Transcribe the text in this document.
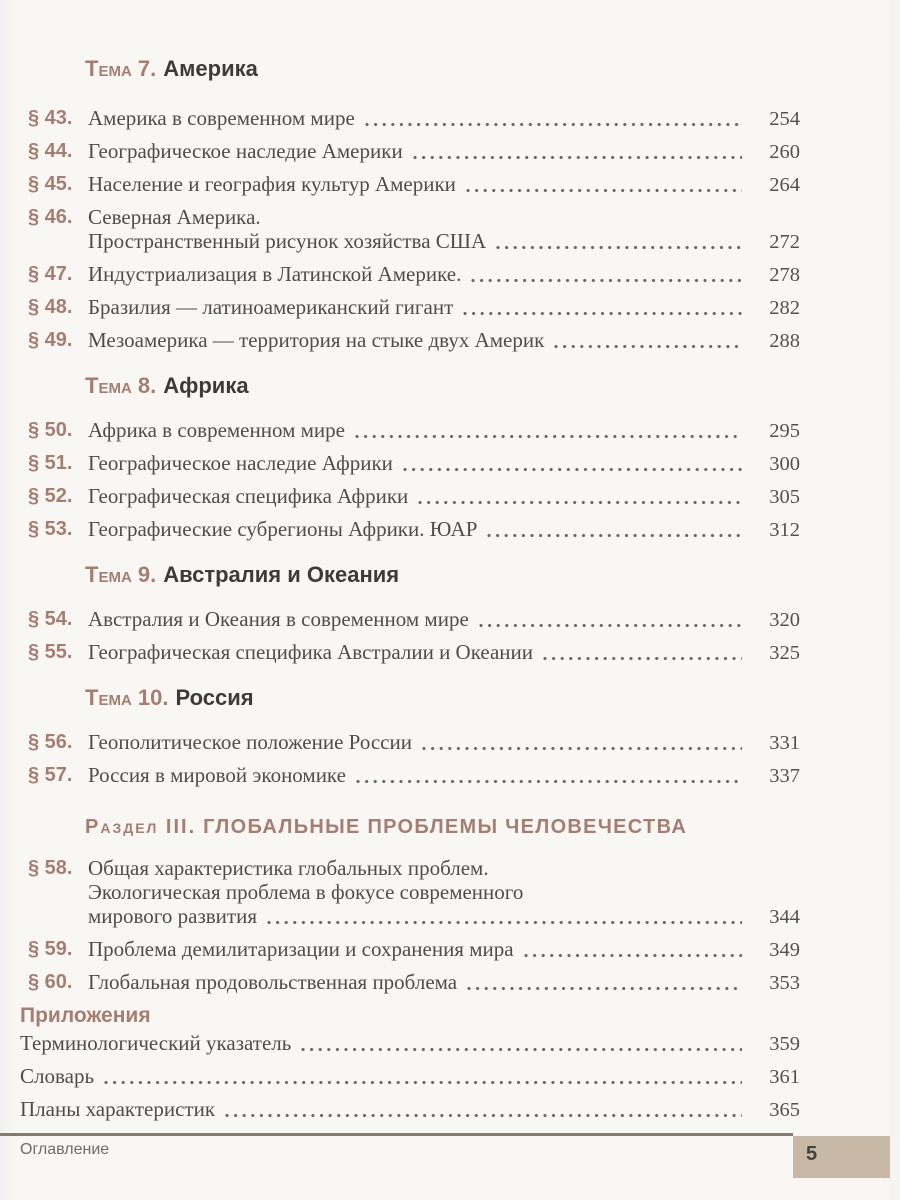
Тема 7. Америка
§ 43. Америка в современном мире	254
§ 44. Географическое наследие Америки	260
§ 45. Население и география культур Америки	264
§ 46. Северная Америка.
Пространственный рисунок хозяйства США	272
§ 47. Индустриализация в Латинской Америке.	278
§ 48. Бразилия — латиноамериканский гигант	282
§ 49. Мезоамерика — территория на стыке двух Америк	288
Тема 8. Африка
§ 50. Африка в современном мире	295
§ 51. Географическое наследие Африки	300
§ 52. Географическая специфика Африки	305
§ 53. Географические субрегионы Африки. ЮАР	312
Тема 9. Австралия и Океания
§ 54. Австралия и Океания в современном мире	320
§ 55. Географическая специфика Австралии и Океании	325
Тема 10. Россия
§ 56. Геополитическое положение России	331
§ 57. Россия в мировой экономике	337
Раздел III. ГЛОБАЛЬНЫЕ ПРОБЛЕМЫ ЧЕЛОВЕЧЕСТВА
§ 58. Общая характеристика глобальных проблем.
Экологическая проблема в фокусе современного
мирового развития	344
§ 59. Проблема демилитаризации и сохранения мира	349
§ 60. Глобальная продовольственная проблема	353
Приложения
Терминологический указатель	359
Словарь	361
Планы характеристик	365
Оглавление	5
